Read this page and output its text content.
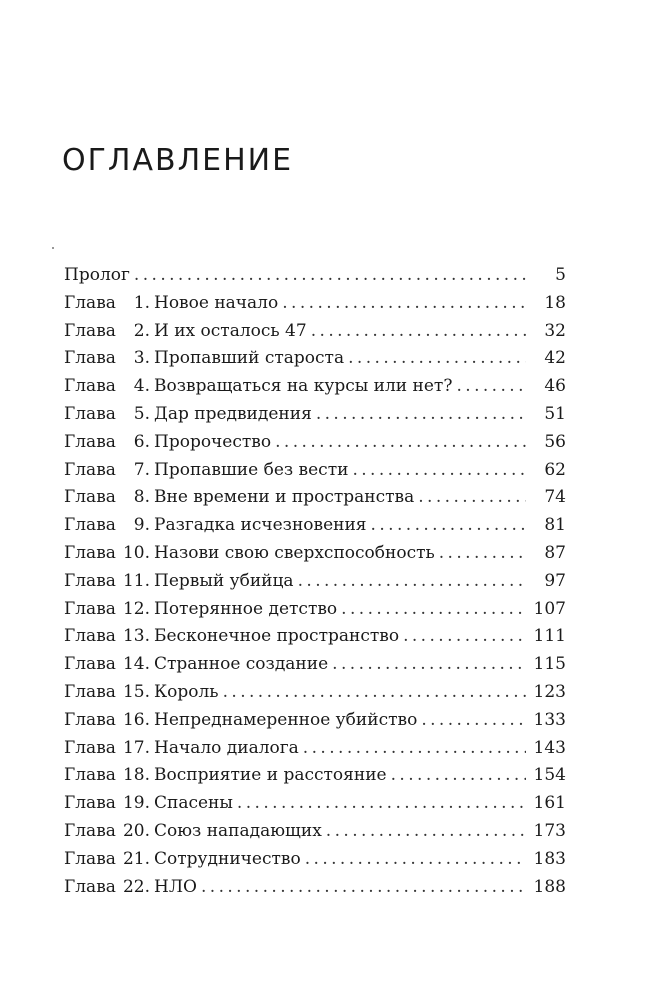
ОГЛАВЛЕНИЕ
Пролог . . .	5
Глава 1. Новое начало . . .	18
Глава 2. И их осталось 47 . . .	32
Глава 3. Пропавший староста . . .	42
Глава 4. Возвращаться на курсы или нет? . . .	46
Глава 5. Дар предвидения . . .	51
Глава 6. Пророчество . . .	56
Глава 7. Пропавшие без вести . . .	62
Глава 8. Вне времени и пространства . . .	74
Глава 9. Разгадка исчезновения . . .	81
Глава 10. Назови свою сверхспособность . . .	87
Глава 11. Первый убийца . . .	97
Глава 12. Потерянное детство . . .	107
Глава 13. Бесконечное пространство . . .	111
Глава 14. Странное создание . . .	115
Глава 15. Король . . .	123
Глава 16. Непреднамеренное убийство . . .	133
Глава 17. Начало диалога . . .	143
Глава 18. Восприятие и расстояние . . .	154
Глава 19. Спасены . . .	161
Глава 20. Союз нападающих . . .	173
Глава 21. Сотрудничество . . .	183
Глава 22. НЛО . . .	188
